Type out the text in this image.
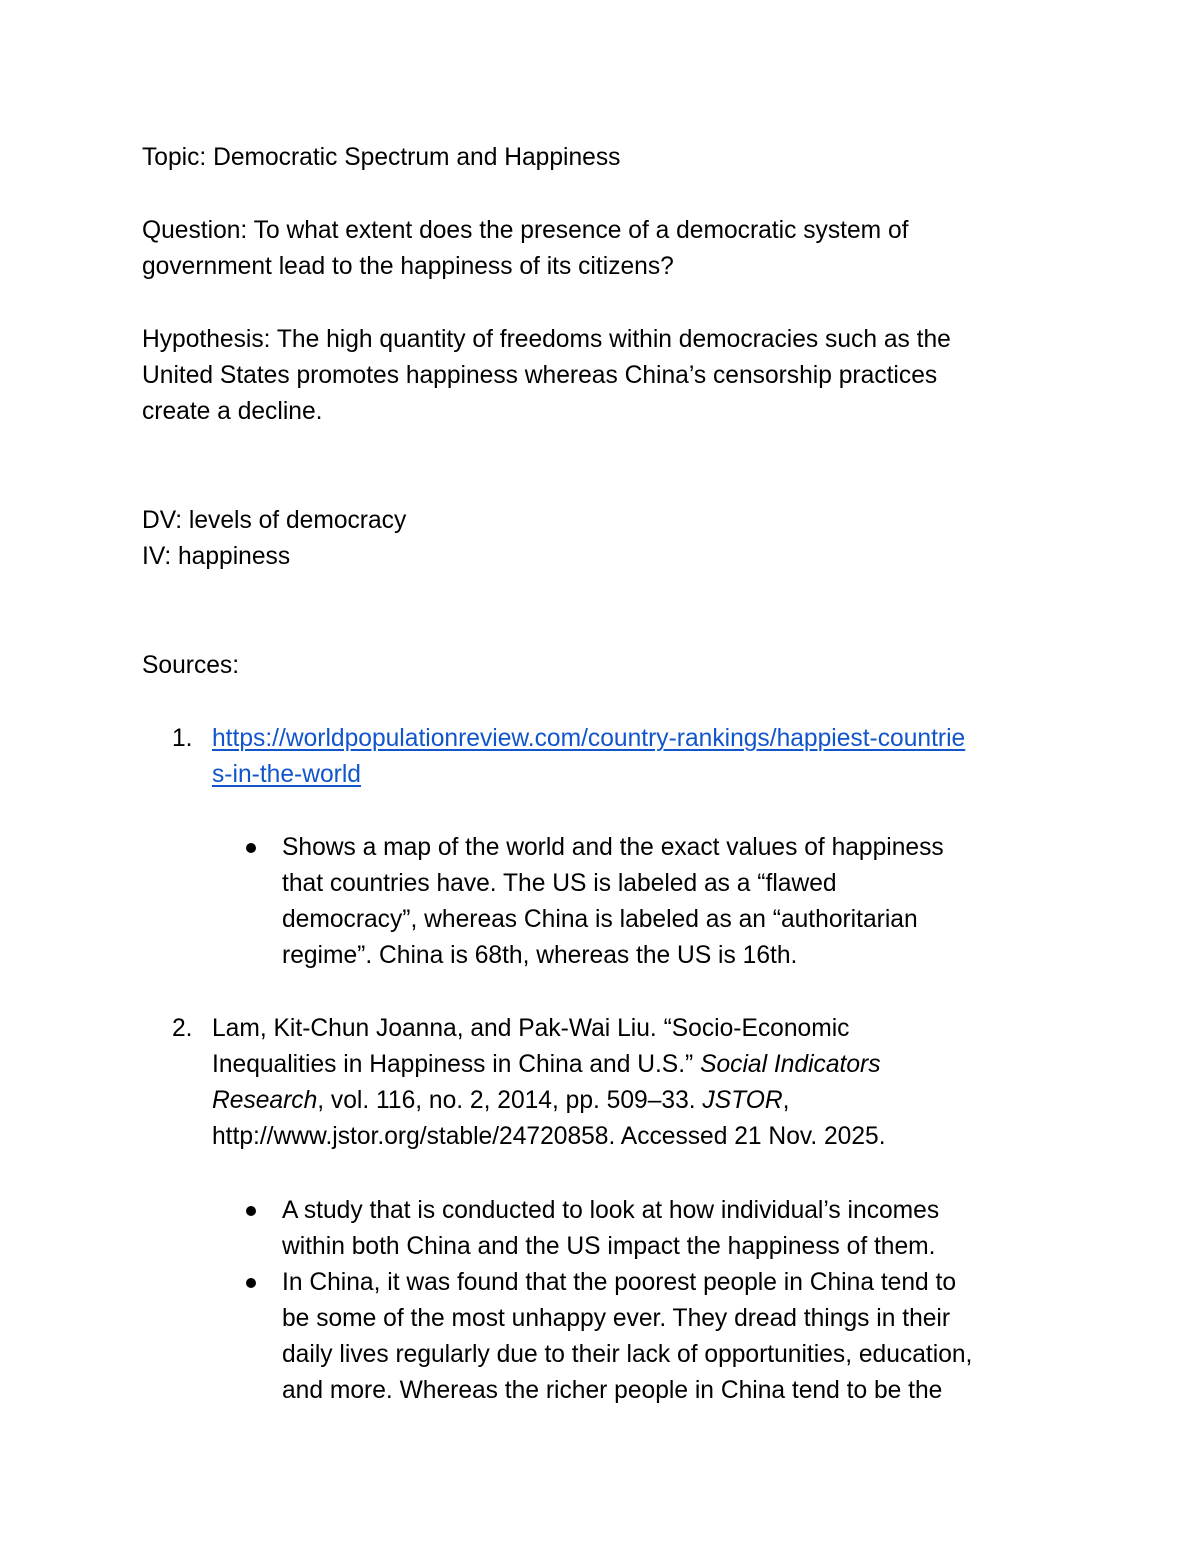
Topic: Democratic Spectrum and Happiness
Question: To what extent does the presence of a democratic system of
government lead to the happiness of its citizens?
Hypothesis: The high quantity of freedoms within democracies such as the
United States promotes happiness whereas China’s censorship practices
create a decline.
DV: levels of democracy
IV: happiness
Sources:
1. https://worldpopulationreview.com/country-rankings/happiest-countrie
s-in-the-world
Shows a map of the world and the exact values of happiness
that countries have. The US is labeled as a “flawed
democracy”, whereas China is labeled as an “authoritarian
regime”. China is 68th, whereas the US is 16th.
2. Lam, Kit-Chun Joanna, and Pak-Wai Liu. “Socio-Economic
Inequalities in Happiness in China and U.S.” Social Indicators
Research, vol. 116, no. 2, 2014, pp. 509–33. JSTOR,
http://www.jstor.org/stable/24720858. Accessed 21 Nov. 2025.
A study that is conducted to look at how individual’s incomes
within both China and the US impact the happiness of them.
In China, it was found that the poorest people in China tend to
be some of the most unhappy ever. They dread things in their
daily lives regularly due to their lack of opportunities, education,
and more. Whereas the richer people in China tend to be the
